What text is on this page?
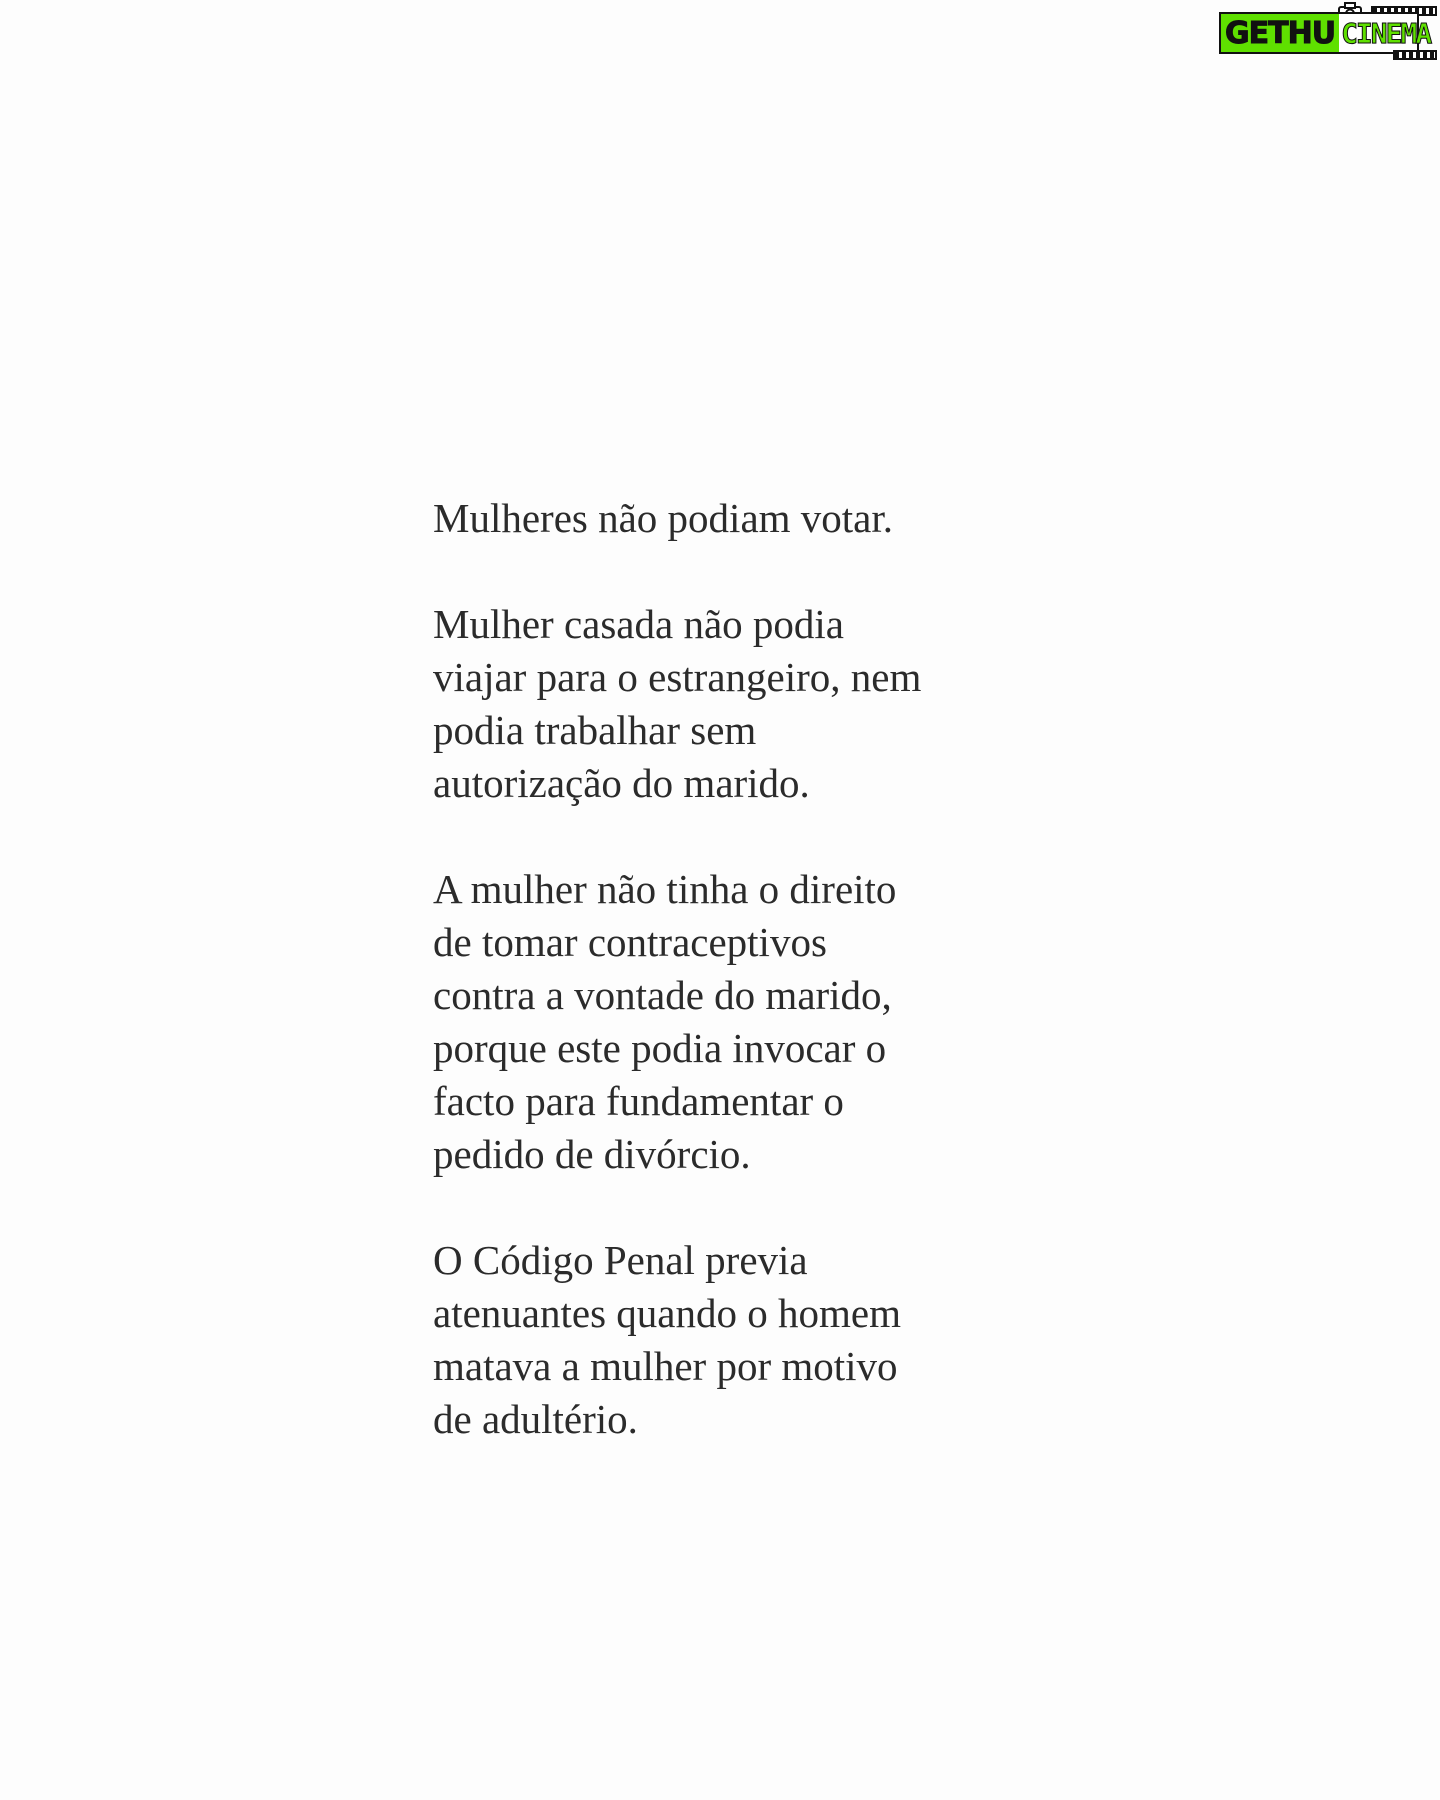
GETHU CINEMA

Mulheres não podiam votar.

Mulher casada não podia
viajar para o estrangeiro, nem
podia trabalhar sem
autorização do marido.

A mulher não tinha o direito
de tomar contraceptivos
contra a vontade do marido,
porque este podia invocar o
facto para fundamentar o
pedido de divórcio.

O Código Penal previa
atenuantes quando o homem
matava a mulher por motivo
de adultério.
